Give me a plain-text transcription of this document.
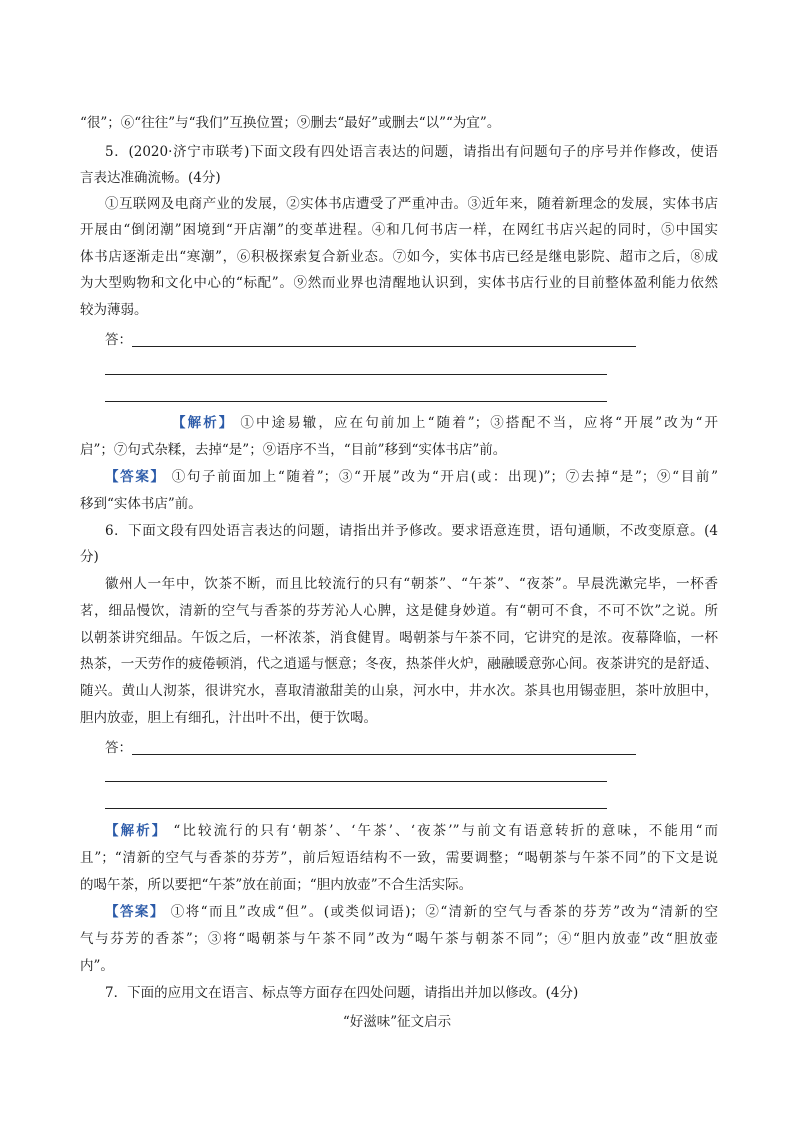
“很”；⑥“往往”与“我们”互换位置；⑨删去“最好”或删去“以”“为宜”。
5．(2020·济宁市联考)下面文段有四处语言表达的问题，请指出有问题句子的序号并作修改，使语
言表达准确流畅。(4分)
①互联网及电商产业的发展，②实体书店遭受了严重冲击。③近年来，随着新理念的发展，实体书店
开展由“倒闭潮”困境到“开店潮”的变革进程。④和几何书店一样，在网红书店兴起的同时，⑤中国实
体书店逐渐走出“寒潮”，⑥积极探索复合新业态。⑦如今，实体书店已经是继电影院、超市之后，⑧成
为大型购物和文化中心的“标配”。⑨然而业界也清醒地认识到，实体书店行业的目前整体盈利能力依然
较为薄弱。
答：
【解析】 ①中途易辙，应在句前加上“随着”；③搭配不当，应将“开展”改为“开
启”；⑦句式杂糅，去掉“是”；⑨语序不当，“目前”移到“实体书店”前。
【答案】 ①句子前面加上“随着”；③“开展”改为“开启(或：出现)”；⑦去掉“是”；⑨“目前”
移到“实体书店”前。
6．下面文段有四处语言表达的问题，请指出并予修改。要求语意连贯，语句通顺，不改变原意。(4
分)
徽州人一年中，饮茶不断，而且比较流行的只有“朝茶”、“午茶”、“夜茶”。早晨洗漱完毕，一杯香
茗，细品慢饮，清新的空气与香茶的芬芳沁人心脾，这是健身妙道。有“朝可不食，不可不饮”之说。所
以朝茶讲究细品。午饭之后，一杯浓茶，消食健胃。喝朝茶与午茶不同，它讲究的是浓。夜幕降临，一杯
热茶，一天劳作的疲倦顿消，代之逍遥与惬意；冬夜，热茶伴火炉，融融暖意弥心间。夜茶讲究的是舒适、
随兴。黄山人沏茶，很讲究水，喜取清澈甜美的山泉，河水中，井水次。茶具也用锡壶胆，茶叶放胆中，
胆内放壶，胆上有细孔，汁出叶不出，便于饮喝。
答：
【解析】 “比较流行的只有‘朝茶’、‘午茶’、‘夜茶’”与前文有语意转折的意味，不能用“而
且”；“清新的空气与香茶的芬芳”，前后短语结构不一致，需要调整；“喝朝茶与午茶不同”的下文是说
的喝午茶，所以要把“午茶”放在前面；“胆内放壶”不合生活实际。
【答案】 ①将“而且”改成“但”。(或类似词语)；②“清新的空气与香茶的芬芳”改为“清新的空
气与芬芳的香茶”；③将“喝朝茶与午茶不同”改为“喝午茶与朝茶不同”；④“胆内放壶”改“胆放壶
内”。
7．下面的应用文在语言、标点等方面存在四处问题，请指出并加以修改。(4分)
“好滋味”征文启示
